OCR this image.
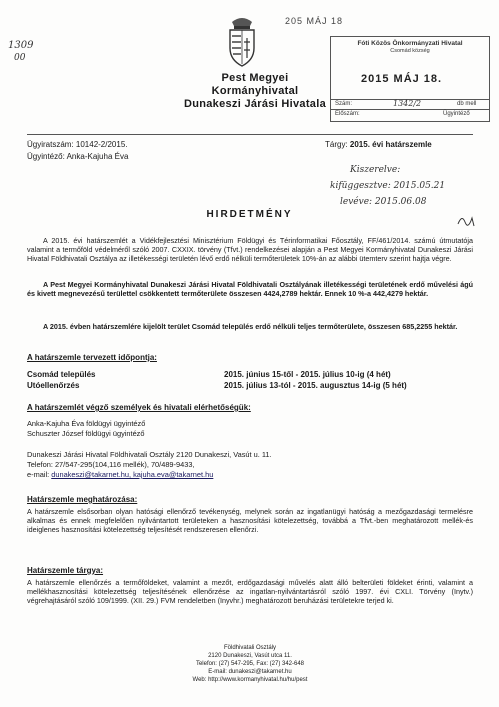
1309
00
205 MÁJ 18
Pest Megyei
Kormányhivatal
Dunakeszi Járási Hivatala
Fóti Közös Önkormányzati Hivatal
Csomád község
2015 MÁJ 18.
Szám:	1342/2	db mell
Előszám:	Ügyintéző
Ügyiratszám: 10142-2/2015.
Ügyintéző: Anka-Kajuha Éva
Tárgy: 2015. évi határszemle
Kiszerelve:
kifüggesztve: 2015.05.21
levéve: 2015.06.08
HIRDETMÉNY
A 2015. évi határszemlét a Vidékfejlesztési Minisztérium Földügyi és Térinformatikai Főosztály, FF/461/2014. számú útmutatója valamint a termőföld védelméről szóló 2007. CXXIX. törvény (Tfvt.) rendelkezései alapján a Pest Megyei Kormányhivatal Dunakeszi Járási Hivatal Földhivatali Osztálya az illetékességi területén lévő erdő nélküli termőterületek 10%-án az alábbi ütemterv szerint hajtja végre.
A Pest Megyei Kormányhivatal Dunakeszi Járási Hivatal Földhivatali Osztályának illetékességi területének erdő művelési ágú és kivett megnevezésű területtel csökkentett termőterülete összesen 4424,2789 hektár. Ennek 10 %-a 442,4279 hektár.
A 2015. évben határszemlére kijelölt terület Csomád település erdő nélküli teljes termőterülete, összesen 685,2255 hektár.
A határszemle tervezett időpontja:
Csomád település	2015. június 15-től - 2015. július 10-ig (4 hét)
Utóellenőrzés	2015. július 13-tól - 2015. augusztus 14-ig (5 hét)
A határszemlét végző személyek és hivatali elérhetőségük:
Anka-Kajuha Éva földügyi ügyintéző
Schuszter József földügyi ügyintéző
Dunakeszi Járási Hivatal Földhivatali Osztály 2120 Dunakeszi, Vasút u. 11.
Telefon: 27/547-295(104,116 mellék), 70/489-9433,
e-mail: dunakeszi@takarnet.hu, kajuha.eva@takarnet.hu
Határszemle meghatározása:
A határszemle elsősorban olyan hatósági ellenőrző tevékenység, melynek során az ingatlanügyi hatóság a mezőgazdasági termelésre alkalmas és ennek megfelelően nyilvántartott területeken a hasznosítási kötelezettség, továbbá a Tfvt.-ben meghatározott mellék-és ideiglenes hasznosítási kötelezettség teljesítését rendszeresen ellenőrzi.
Határszemle tárgya:
A határszemle ellenőrzés a termőföldeket, valamint a mezőt, erdőgazdasági művelés alatt álló belterületi földeket érinti, valamint a mellékhasznosítási kötelezettség teljesítésének ellenőrzése az ingatlan-nyilvántartásról szóló 1997. évi CXLI. Törvény (Inytv.) végrehajtásáról szóló 109/1999. (XII. 29.) FVM rendeletben (Inyvhr.) meghatározott beruházási területekre terjed ki.
Földhivatali Osztály
2120 Dunakeszi, Vasút utca 11.
Telefon: (27) 547-295, Fax: (27) 342-648
E-mail: dunakeszi@takarnet.hu
Web: http://www.kormanyhivatal.hu/hu/pest
